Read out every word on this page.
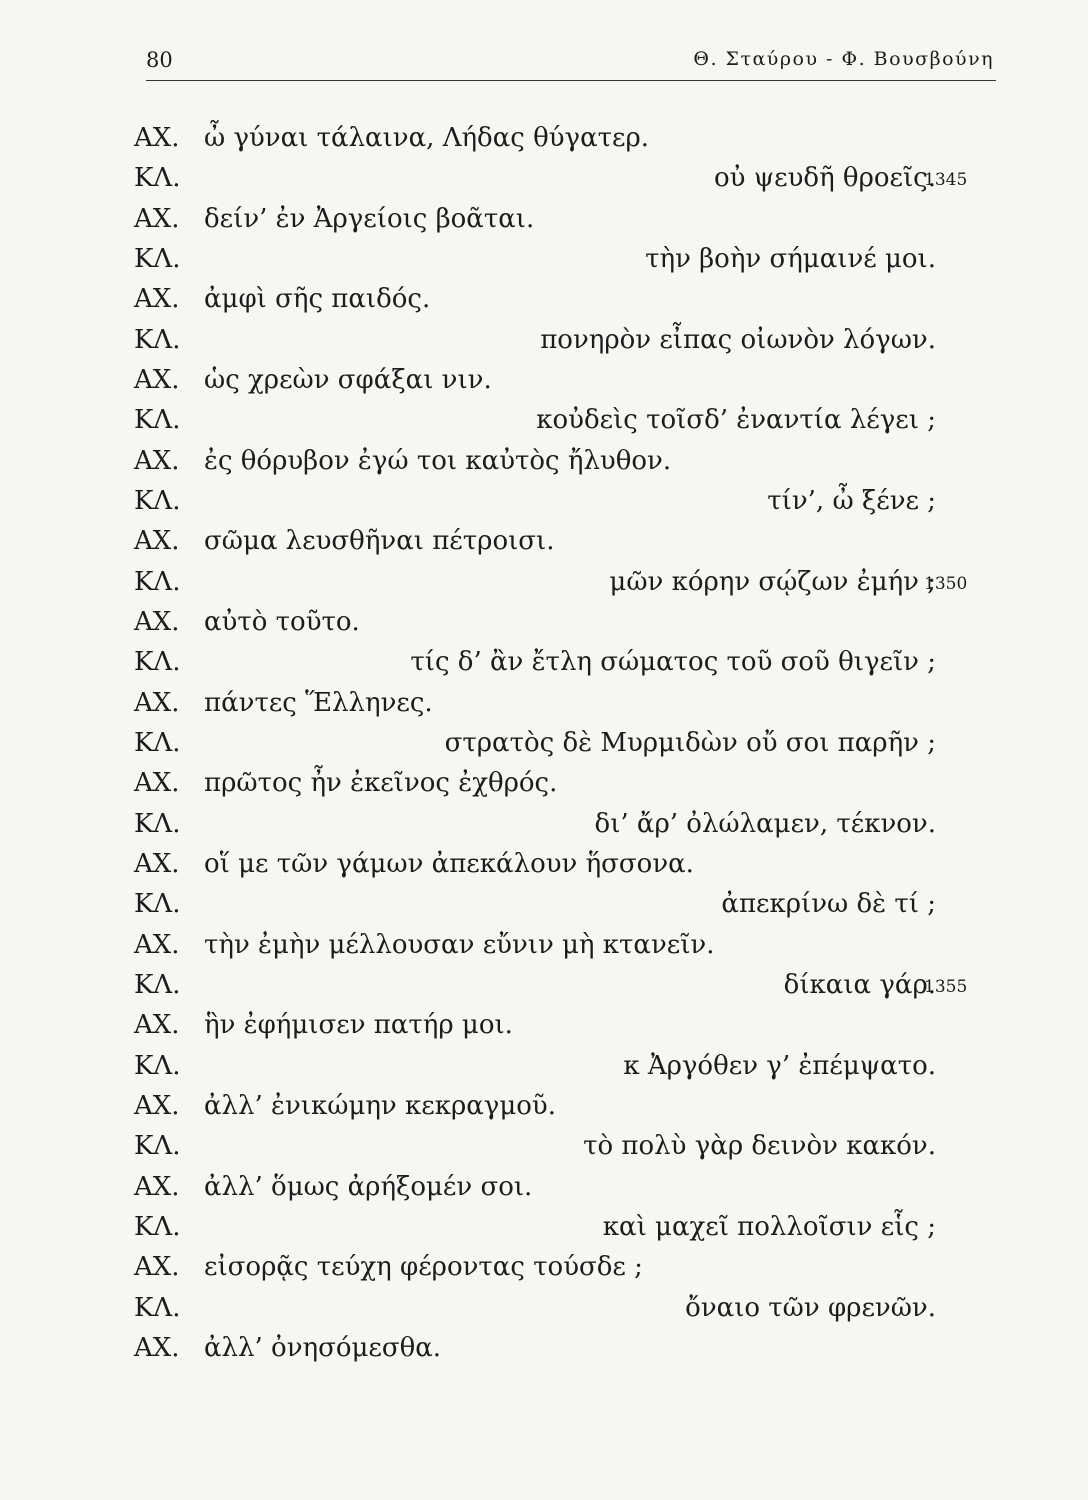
80	Θ. Σταύρου - Φ. Βουσβούνη
ΑΧ. ὦ γύναι τάλαινα, Λήδας θύγατερ.
ΚΛ.	οὐ ψευδῆ θροεῖς.
1345
ΑΧ. δείν’ ἐν Ἀργείοις βοᾶται.
ΚΛ.	τὴν βοὴν σήμαινέ μοι.
ΑΧ. ἀμφὶ σῆς παιδός.
ΚΛ.	πονηρὸν εἶπας οἰωνὸν λόγων.
ΑΧ. ὡς χρεὼν σφάξαι νιν.
ΚΛ.	κοὐδεὶς τοῖσδ’ ἐναντία λέγει ;
ΑΧ. ἐς θόρυβον ἐγώ τοι καὐτὸς ἤλυθον.
ΚΛ.	τίν’, ὦ ξένε ;
ΑΧ. σῶμα λευσθῆναι πέτροισι.
ΚΛ.	μῶν κόρην σῴζων ἐμήν ;
1350
ΑΧ. αὐτὸ τοῦτο.
ΚΛ.	τίς δ’ ἂν ἔτλη σώματος τοῦ σοῦ θιγεῖν ;
ΑΧ. πάντες Ἕλληνες.
ΚΛ.	στρατὸς δὲ Μυρμιδὼν οὔ σοι παρῆν ;
ΑΧ. πρῶτος ἦν ἐκεῖνος ἐχθρός.
ΚΛ.	δι’ ἄρ’ ὀλώλαμεν, τέκνον.
ΑΧ. οἵ με τῶν γάμων ἀπεκάλουν ἥσσονα.
ΚΛ.	ἀπεκρίνω δὲ τί ;
ΑΧ. τὴν ἐμὴν μέλλουσαν εὔνιν μὴ κτανεῖν.
ΚΛ.	δίκαια γάρ.
1355
ΑΧ. ἣν ἐφήμισεν πατήρ μοι.
ΚΛ.	κ Ἀργόθεν γ’ ἐπέμψατο.
ΑΧ. ἀλλ’ ἐνικώμην κεκραγμοῦ.
ΚΛ.	τὸ πολὺ γὰρ δεινὸν κακόν.
ΑΧ. ἀλλ’ ὅμως ἀρήξομέν σοι.
ΚΛ.	καὶ μαχεῖ πολλοῖσιν εἷς ;
ΑΧ. εἰσορᾷς τεύχη φέροντας τούσδε ;
ΚΛ.	ὄναιο τῶν φρενῶν.
ΑΧ. ἀλλ’ ὀνησόμεσθα.
